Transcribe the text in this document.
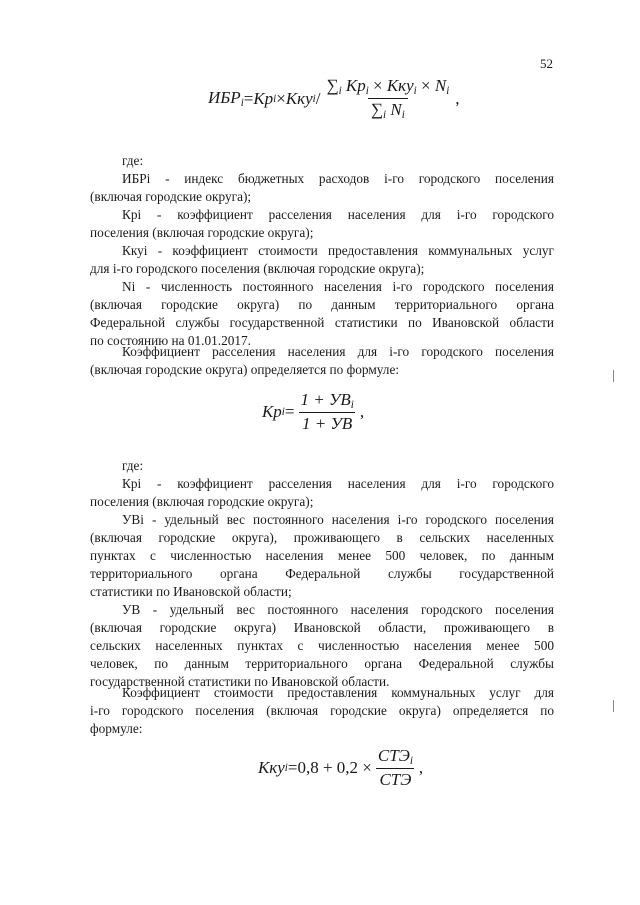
52
$ИБР_i$ = Кр i × Кку i / $\frac{\sum_i Кр_i \times Кку_i \times N_i}{\sum_i N_i}$ ,
где:
ИБРi - индекс бюджетных расходов i-го городского поселения
(включая городские округа);
Крi - коэффициент расселения населения для i-го городского
поселения (включая городские округа);
Ккуi - коэффициент стоимости предоставления коммунальных услуг
для i-го городского поселения (включая городские округа);
Ni - численность постоянного населения i-го городского поселения
(включая городские округа) по данным территориального органа
Федеральной службы государственной статистики по Ивановской области
по состоянию на 01.01.2017.
Коэффициент расселения населения для i-го городского поселения
(включая городские округа) определяется по формуле:
Кр $i = \frac{1 + УВ_i}{1 + УВ}$ ,
где:
Крi - коэффициент расселения населения для i-го городского
поселения (включая городские округа);
УВi - удельный вес постоянного населения i-го городского поселения
(включая городские округа), проживающего в сельских населенных
пунктах с численностью населения менее 500 человек, по данным
территориального органа Федеральной службы государственной
статистики по Ивановской области;
УВ - удельный вес постоянного населения городского поселения
(включая городские округа) Ивановской области, проживающего в
сельских населенных пунктах с численностью населения менее 500
человек, по данным территориального органа Федеральной службы
государственной статистики по Ивановской области.
Коэффициент стоимости предоставления коммунальных услуг для
i-го городского поселения (включая городские округа) определяется по
формуле:
Кку $i = 0,8 + 0,2 \times \frac{СТЭ_i}{\text{СТЭ}}$ ,
